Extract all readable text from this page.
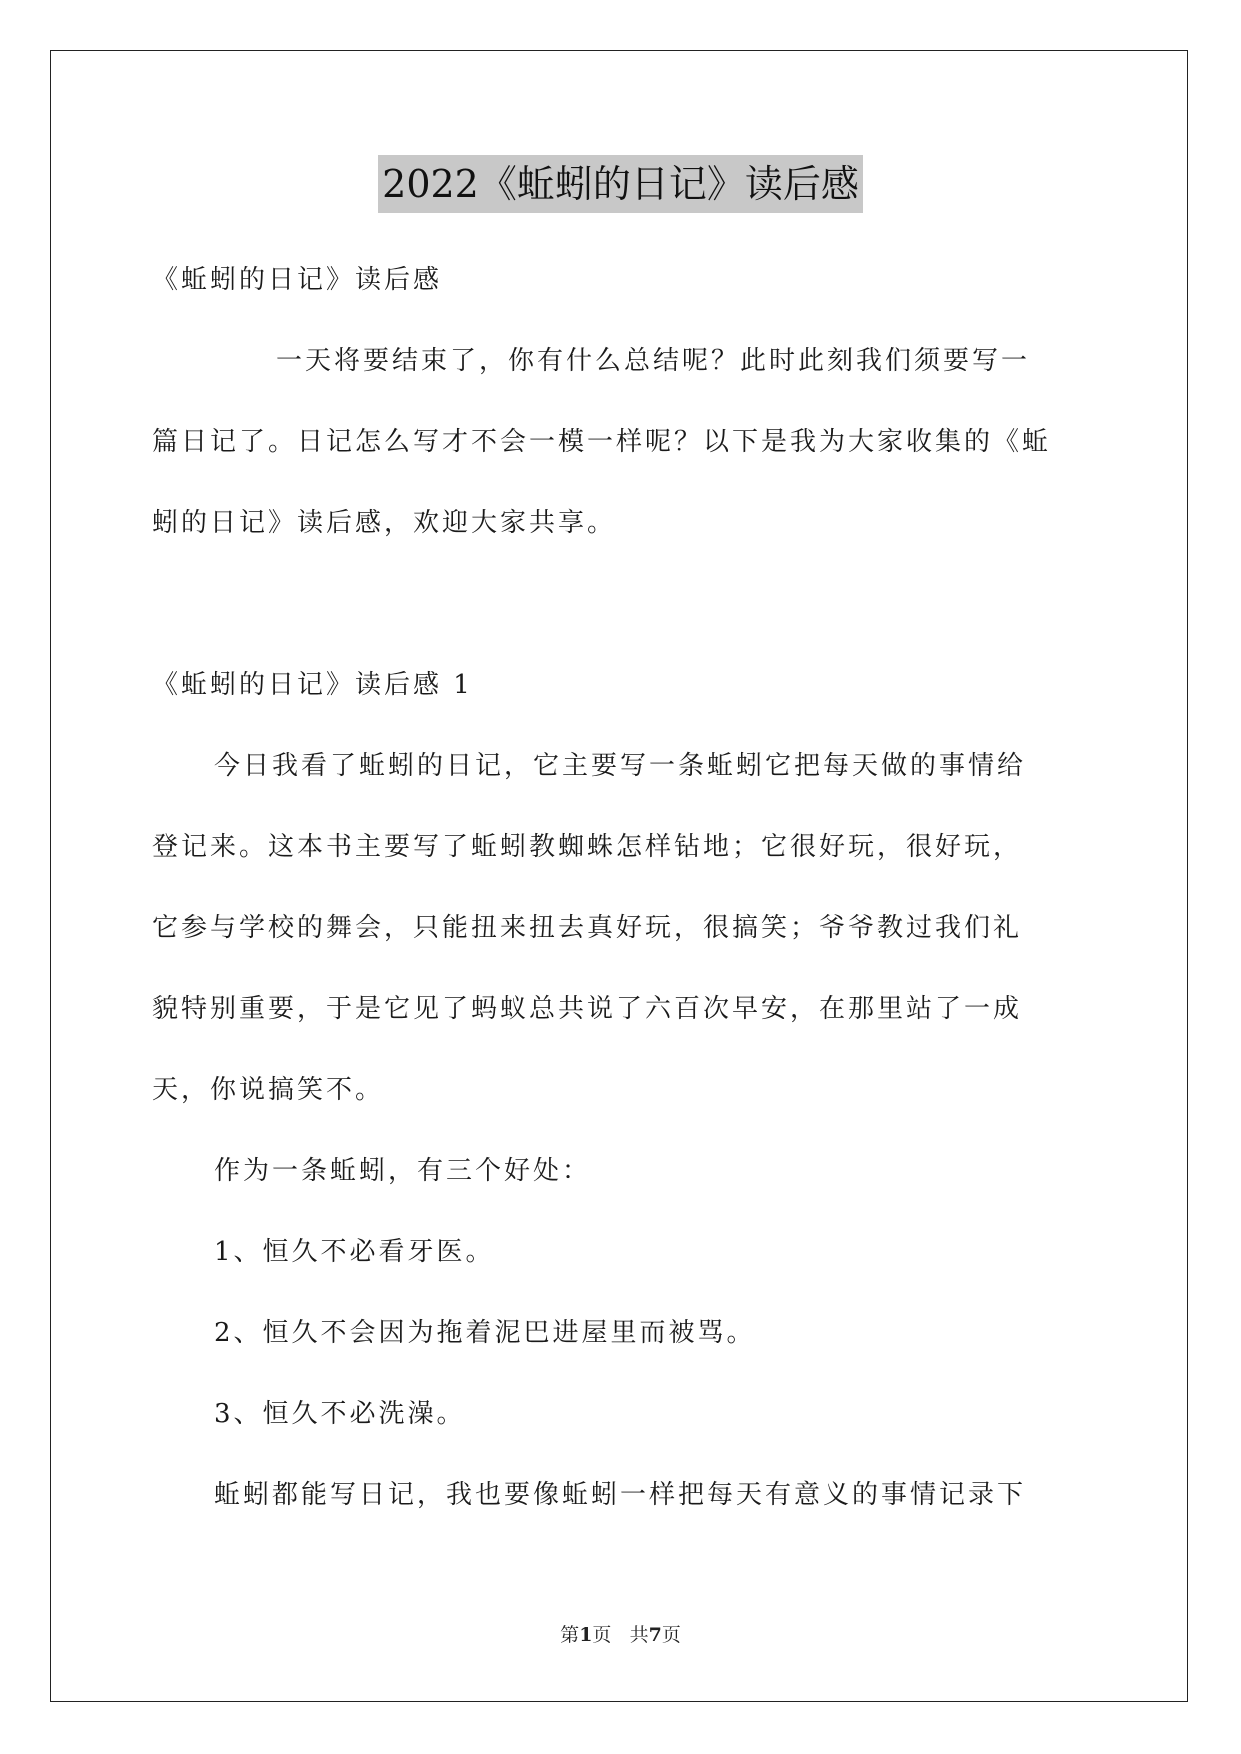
2022《蚯蚓的日记》读后感
《蚯蚓的日记》读后感
一天将要结束了，你有什么总结呢？此时此刻我们须要写一
篇日记了。日记怎么写才不会一模一样呢？以下是我为大家收集的《蚯
蚓的日记》读后感，欢迎大家共享。
《蚯蚓的日记》读后感 1
今日我看了蚯蚓的日记，它主要写一条蚯蚓它把每天做的事情给
登记来。这本书主要写了蚯蚓教蜘蛛怎样钻地；它很好玩，很好玩，
它参与学校的舞会，只能扭来扭去真好玩，很搞笑；爷爷教过我们礼
貌特别重要，于是它见了蚂蚁总共说了六百次早安，在那里站了一成
天，你说搞笑不。
作为一条蚯蚓，有三个好处：
1、恒久不必看牙医。
2、恒久不会因为拖着泥巴进屋里而被骂。
3、恒久不必洗澡。
蚯蚓都能写日记，我也要像蚯蚓一样把每天有意义的事情记录下
第1页 共7页
